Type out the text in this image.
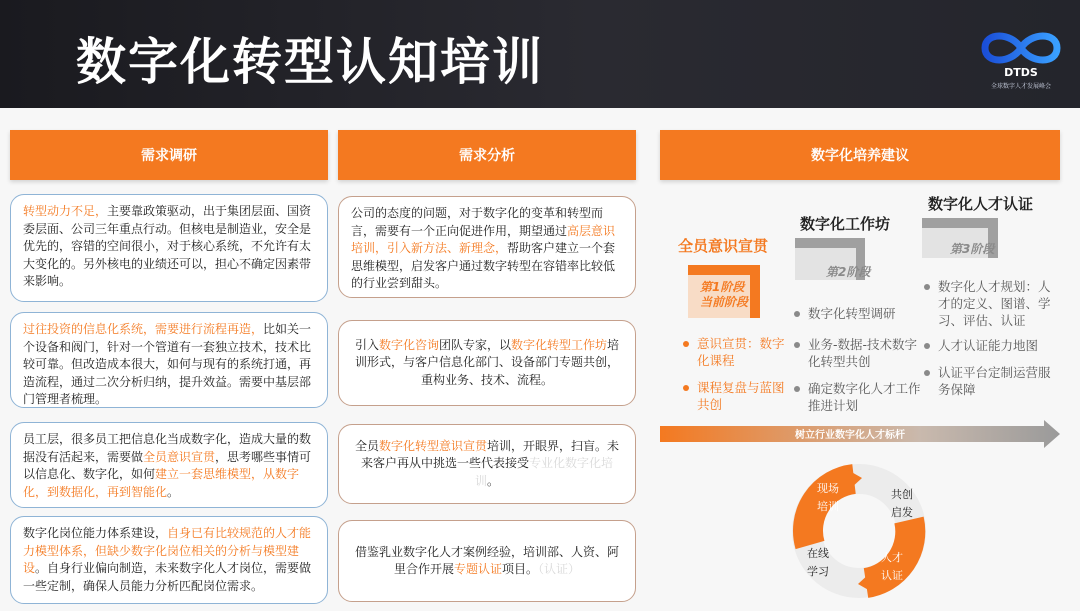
数字化转型认知培训	DTDS
全球数字人才发展峰会
需求调研	需求分析	数字化培养建议
转型动力不足，主要靠政策驱动，出于集团层面、国资委层面、公司三年重点行动。但核电是制造业，安全是优先的，容错的空间很小，对于核心系统，不允许有太大变化的。另外核电的业绩还可以，担心不确定因素带来影响。
过往投资的信息化系统，需要进行流程再造，比如关一个设备和阀门，针对一个管道有一套独立技术，技术比较可靠。但改造成本很大，如何与现有的系统打通，再造流程，通过二次分析归纳，提升效益。需要中基层部门管理者梳理。
员工层，很多员工把信息化当成数字化，造成大量的数据没有活起来，需要做全员意识宣贯，思考哪些事情可以信息化、数字化，如何建立一套思维模型，从数字化，到数据化，再到智能化。
数字化岗位能力体系建设，自身已有比较规范的人才能力模型体系，但缺少数字化岗位相关的分析与模型建设。自身行业偏向制造，未来数字化人才岗位，需要做一些定制，确保人员能力分析匹配岗位需求。
公司的态度的问题，对于数字化的变革和转型而言，需要有一个正向促进作用，期望通过高层意识培训，引入新方法、新理念，帮助客户建立一个套思维模型，启发客户通过数字转型在容错率比较低的行业尝到甜头。
引入数字化咨询团队专家，以数字化转型工作坊培训形式，与客户信息化部门、设备部门专题共创，重构业务、技术、流程。
全员数字化转型意识宣贯培训，开眼界，扫盲。未来客户再从中挑选一些代表接受专业化数字化培训。
借鉴乳业数字化人才案例经验，培训部、人资、阿里合作开展专题认证项目。（认证）
全员意识宣贯
数字化工作坊
数字化人才认证
第1阶段
当前阶段
第2阶段
第3阶段
意识宣贯：数字化课程
课程复盘与蓝图共创
数字化转型调研
业务-数据-技术数字化转型共创
确定数字化人才工作推进计划
数字化人才规划：人才的定义、图谱、学习、评估、认证
人才认证能力地图
认证平台定制运营服务保障
树立行业数字化人才标杆
现场
培训
共创
启发
在线
学习
人才
认证
